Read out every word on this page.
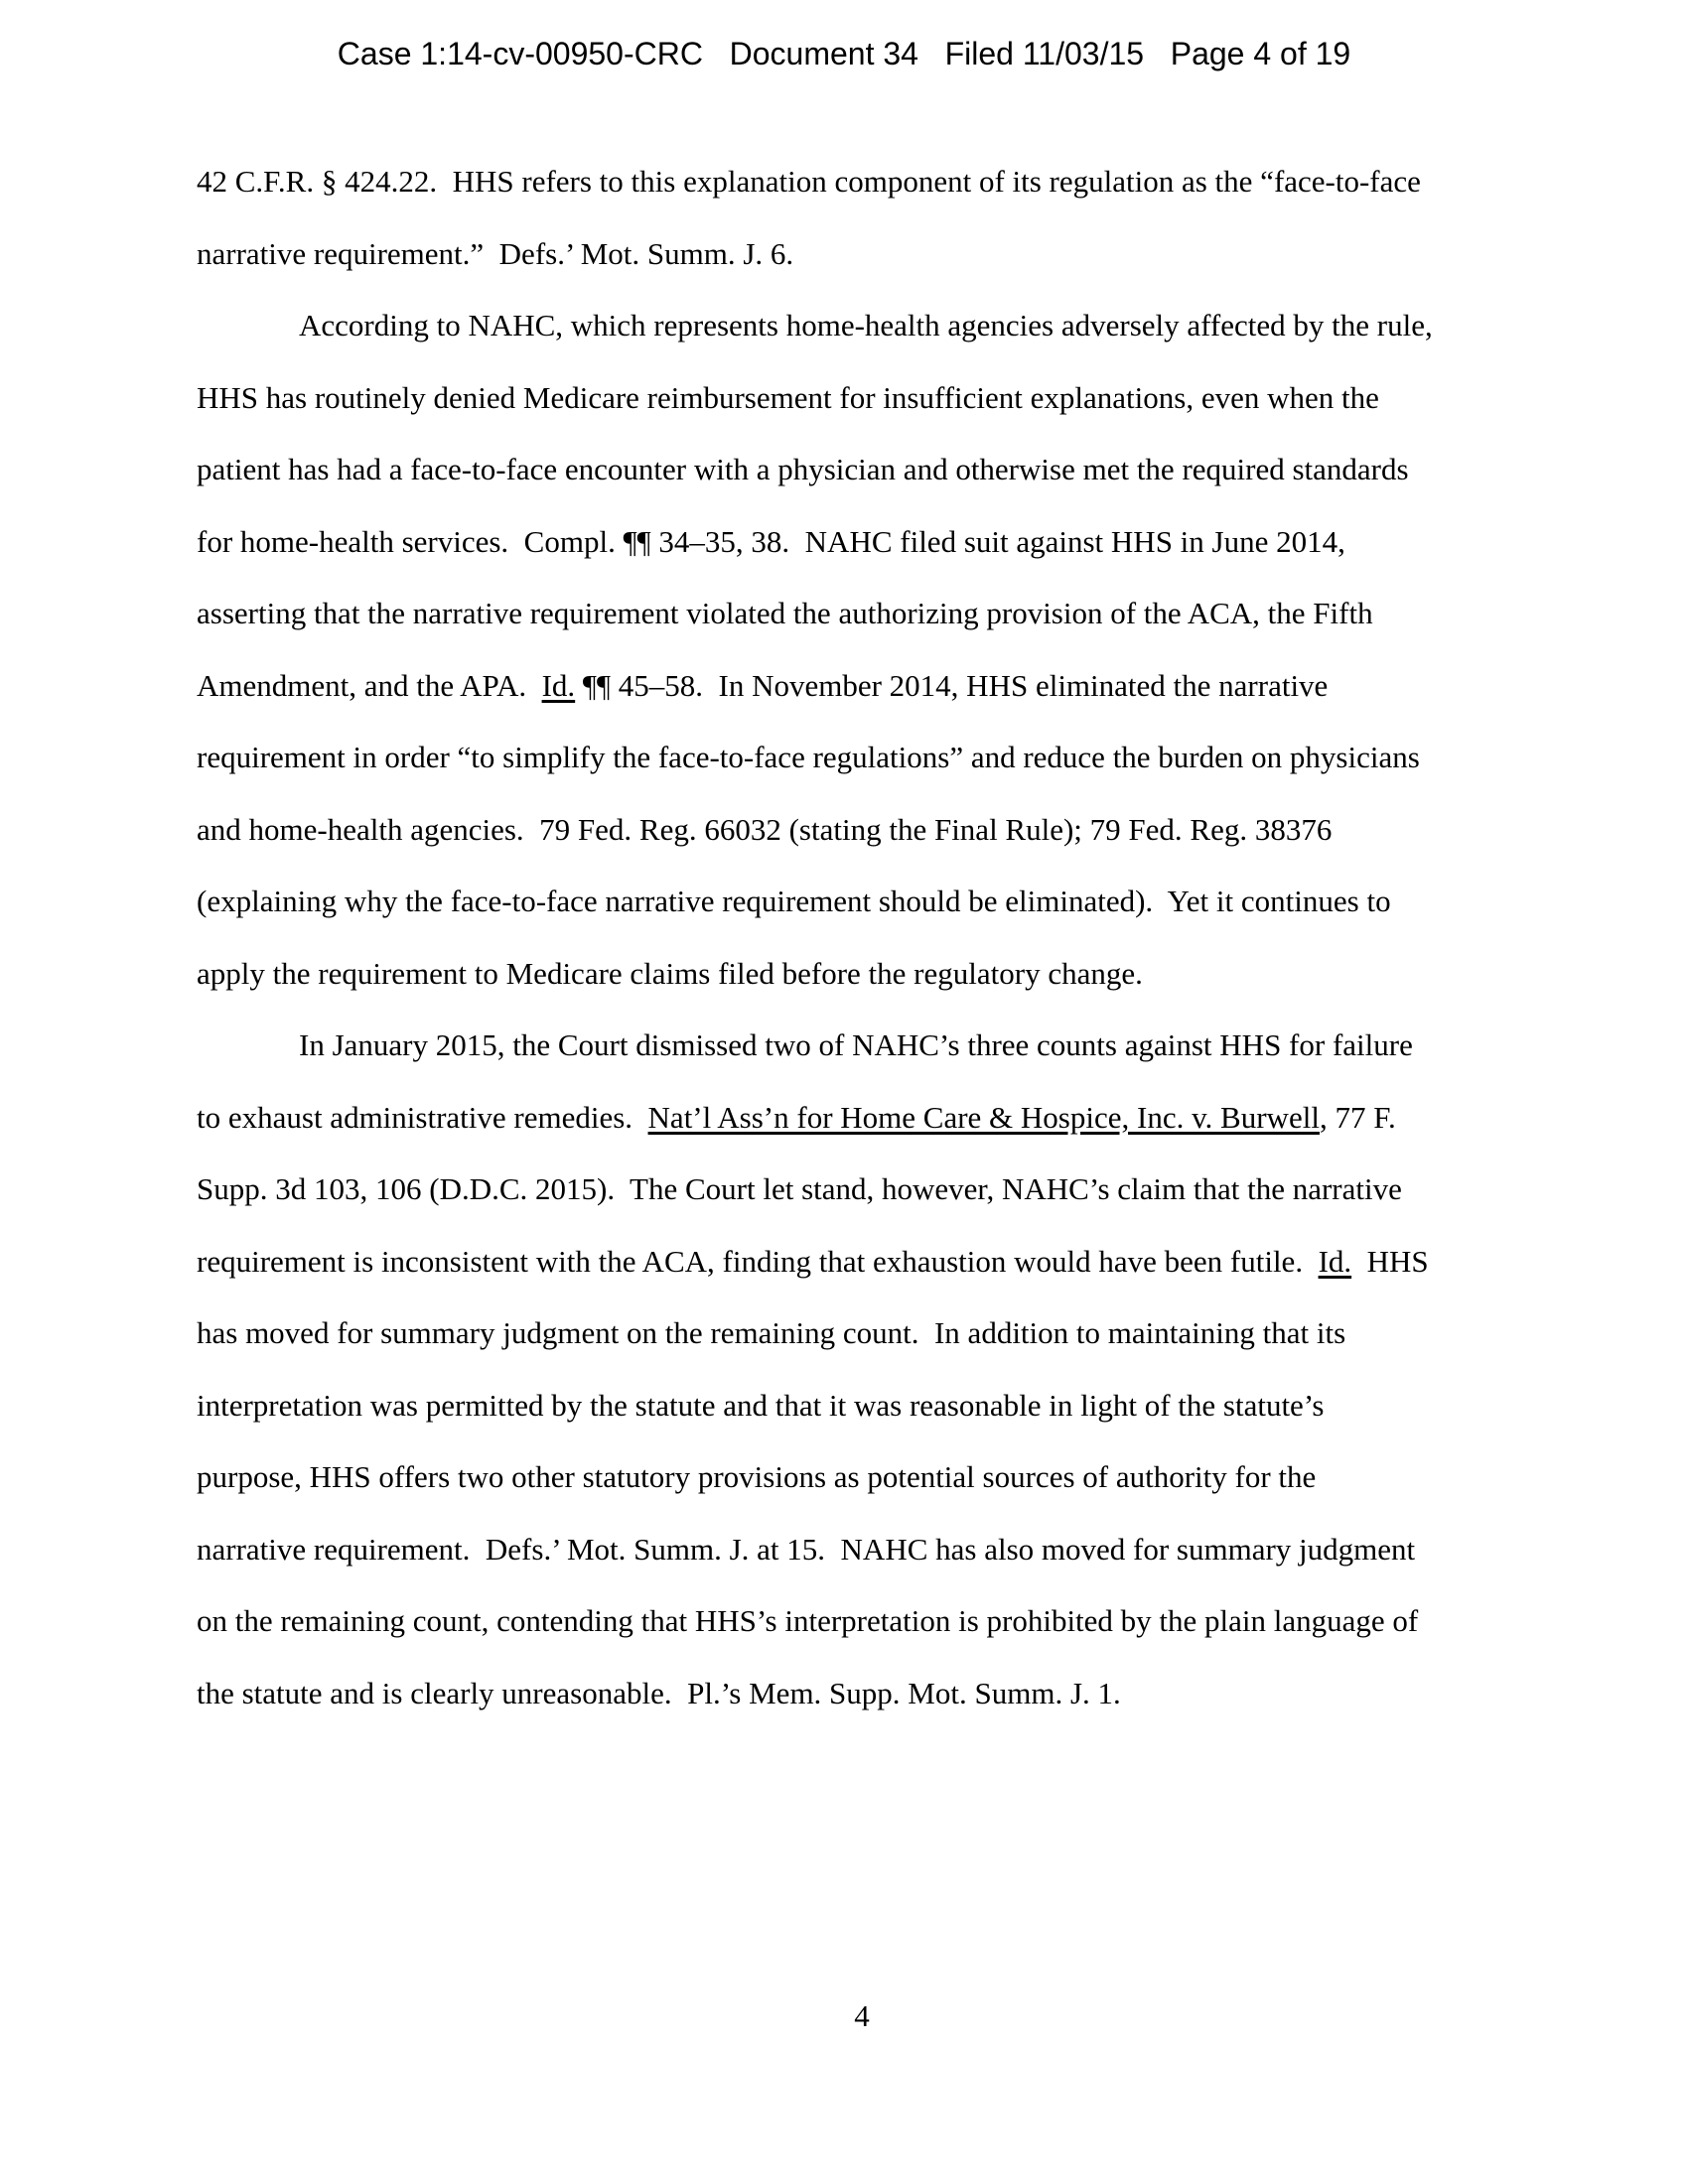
Case 1:14-cv-00950-CRC   Document 34   Filed 11/03/15   Page 4 of 19
42 C.F.R. § 424.22.  HHS refers to this explanation component of its regulation as the “face-to-face
narrative requirement.”  Defs.’ Mot. Summ. J. 6.
According to NAHC, which represents home-health agencies adversely affected by the rule,
HHS has routinely denied Medicare reimbursement for insufficient explanations, even when the
patient has had a face-to-face encounter with a physician and otherwise met the required standards
for home-health services.  Compl. ¶¶ 34–35, 38.  NAHC filed suit against HHS in June 2014,
asserting that the narrative requirement violated the authorizing provision of the ACA, the Fifth
Amendment, and the APA.  Id. ¶¶ 45–58.  In November 2014, HHS eliminated the narrative
requirement in order “to simplify the face-to-face regulations” and reduce the burden on physicians
and home-health agencies.  79 Fed. Reg. 66032 (stating the Final Rule); 79 Fed. Reg. 38376
(explaining why the face-to-face narrative requirement should be eliminated).  Yet it continues to
apply the requirement to Medicare claims filed before the regulatory change.
In January 2015, the Court dismissed two of NAHC’s three counts against HHS for failure
to exhaust administrative remedies.  Nat’l Ass’n for Home Care & Hospice, Inc. v. Burwell, 77 F.
Supp. 3d 103, 106 (D.D.C. 2015).  The Court let stand, however, NAHC’s claim that the narrative
requirement is inconsistent with the ACA, finding that exhaustion would have been futile.  Id.  HHS
has moved for summary judgment on the remaining count.  In addition to maintaining that its
interpretation was permitted by the statute and that it was reasonable in light of the statute’s
purpose, HHS offers two other statutory provisions as potential sources of authority for the
narrative requirement.  Defs.’ Mot. Summ. J. at 15.  NAHC has also moved for summary judgment
on the remaining count, contending that HHS’s interpretation is prohibited by the plain language of
the statute and is clearly unreasonable.  Pl.’s Mem. Supp. Mot. Summ. J. 1.
4
